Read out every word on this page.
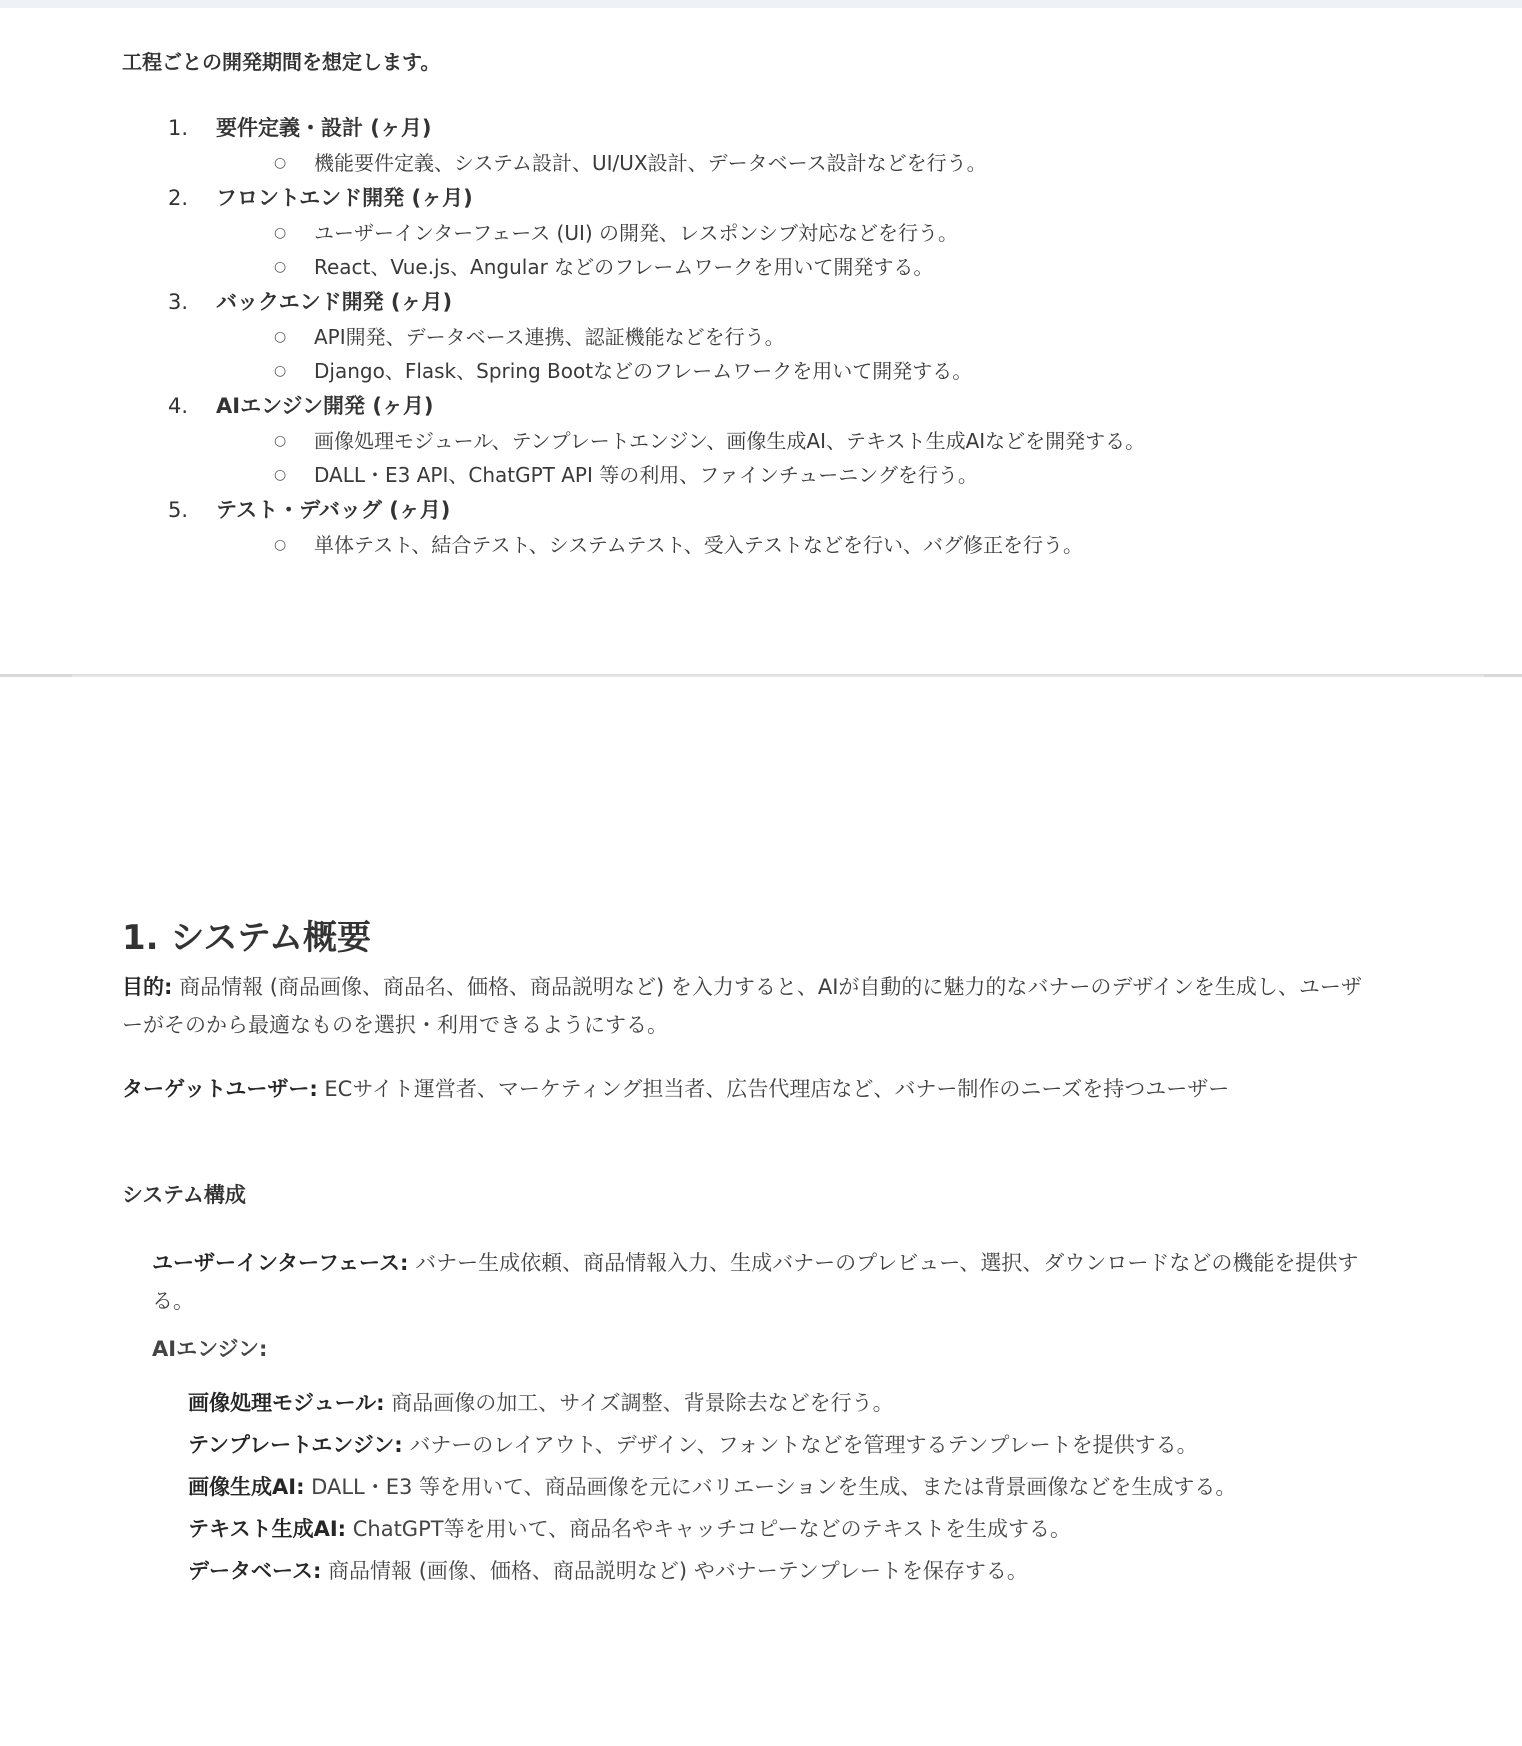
工程ごとの開発期間を想定します。
1.	要件定義・設計 (ヶ月)
○ 機能要件定義、システム設計、UI/UX設計、データベース設計などを行う。
2.	フロントエンド開発 (ヶ月)
○ ユーザーインターフェース (UI) の開発、レスポンシブ対応などを行う。
○ React、Vue.js、Angular などのフレームワークを用いて開発する。
3.	バックエンド開発 (ヶ月)
○ API開発、データベース連携、認証機能などを行う。
○ Django、Flask、Spring Bootなどのフレームワークを用いて開発する。
4.	AIエンジン開発 (ヶ月)
○ 画像処理モジュール、テンプレートエンジン、画像生成AI、テキスト生成AIなどを開発する。
○ DALL・E3 API、ChatGPT API 等の利用、ファインチューニングを行う。
5.	テスト・デバッグ (ヶ月)
○ 単体テスト、結合テスト、システムテスト、受入テストなどを行い、バグ修正を行う。
1. システム概要
目的: 商品情報 (商品画像、商品名、価格、商品説明など) を入力すると、AIが自動的に魅力的なバナーのデザインを生成し、ユーザーがそのから最適なものを選択・利用できるようにする。
ターゲットユーザー: ECサイト運営者、マーケティング担当者、広告代理店など、バナー制作のニーズを持つユーザー
システム構成
ユーザーインターフェース: バナー生成依頼、商品情報入力、生成バナーのプレビュー、選択、ダウンロードなどの機能を提供する。
AIエンジン:
画像処理モジュール: 商品画像の加工、サイズ調整、背景除去などを行う。
テンプレートエンジン: バナーのレイアウト、デザイン、フォントなどを管理するテンプレートを提供する。
画像生成AI: DALL・E3 等を用いて、商品画像を元にバリエーションを生成、または背景画像などを生成する。
テキスト生成AI: ChatGPT等を用いて、商品名やキャッチコピーなどのテキストを生成する。
データベース: 商品情報 (画像、価格、商品説明など) やバナーテンプレートを保存する。
